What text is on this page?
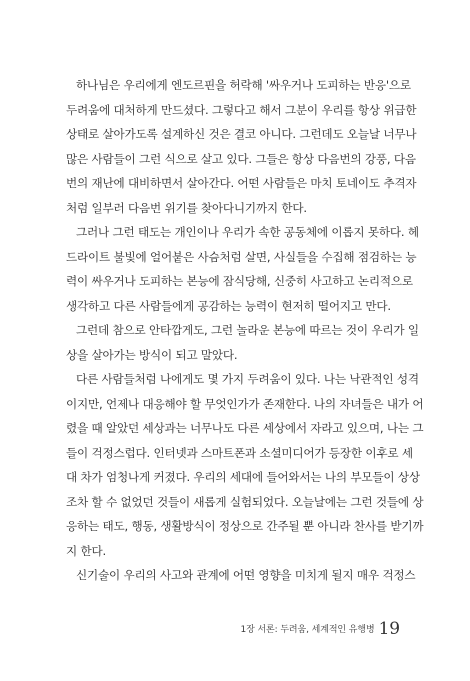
하나님은 우리에게 엔도르핀을 허락해 '싸우거나 도피하는 반응'으로
두려움에 대처하게 만드셨다. 그렇다고 해서 그분이 우리를 항상 위급한
상태로 살아가도록 설계하신 것은 결코 아니다. 그런데도 오늘날 너무나
많은 사람들이 그런 식으로 살고 있다. 그들은 항상 다음번의 강풍, 다음
번의 재난에 대비하면서 살아간다. 어떤 사람들은 마치 토네이도 추격자
처럼 일부러 다음번 위기를 찾아다니기까지 한다.
그러나 그런 태도는 개인이나 우리가 속한 공동체에 이롭지 못하다. 헤
드라이트 불빛에 얼어붙은 사슴처럼 살면, 사실들을 수집해 점검하는 능
력이 싸우거나 도피하는 본능에 잠식당해, 신중히 사고하고 논리적으로
생각하고 다른 사람들에게 공감하는 능력이 현저히 떨어지고 만다.
그런데 참으로 안타깝게도, 그런 놀라운 본능에 따르는 것이 우리가 일
상을 살아가는 방식이 되고 말았다.
다른 사람들처럼 나에게도 몇 가지 두려움이 있다. 나는 낙관적인 성격
이지만, 언제나 대응해야 할 무엇인가가 존재한다. 나의 자녀들은 내가 어
렸을 때 알았던 세상과는 너무나도 다른 세상에서 자라고 있으며, 나는 그
들이 걱정스럽다. 인터넷과 스마트폰과 소셜미디어가 등장한 이후로 세
대 차가 엄청나게 커졌다. 우리의 세대에 들어와서는 나의 부모들이 상상
조차 할 수 없었던 것들이 새롭게 실험되었다. 오늘날에는 그런 것들에 상
응하는 태도, 행동, 생활방식이 정상으로 간주될 뿐 아니라 찬사를 받기까
지 한다.
신기술이 우리의 사고와 관계에 어떤 영향을 미치게 될지 매우 걱정스
1장 서론: 두려움, 세계적인 유행병 19
